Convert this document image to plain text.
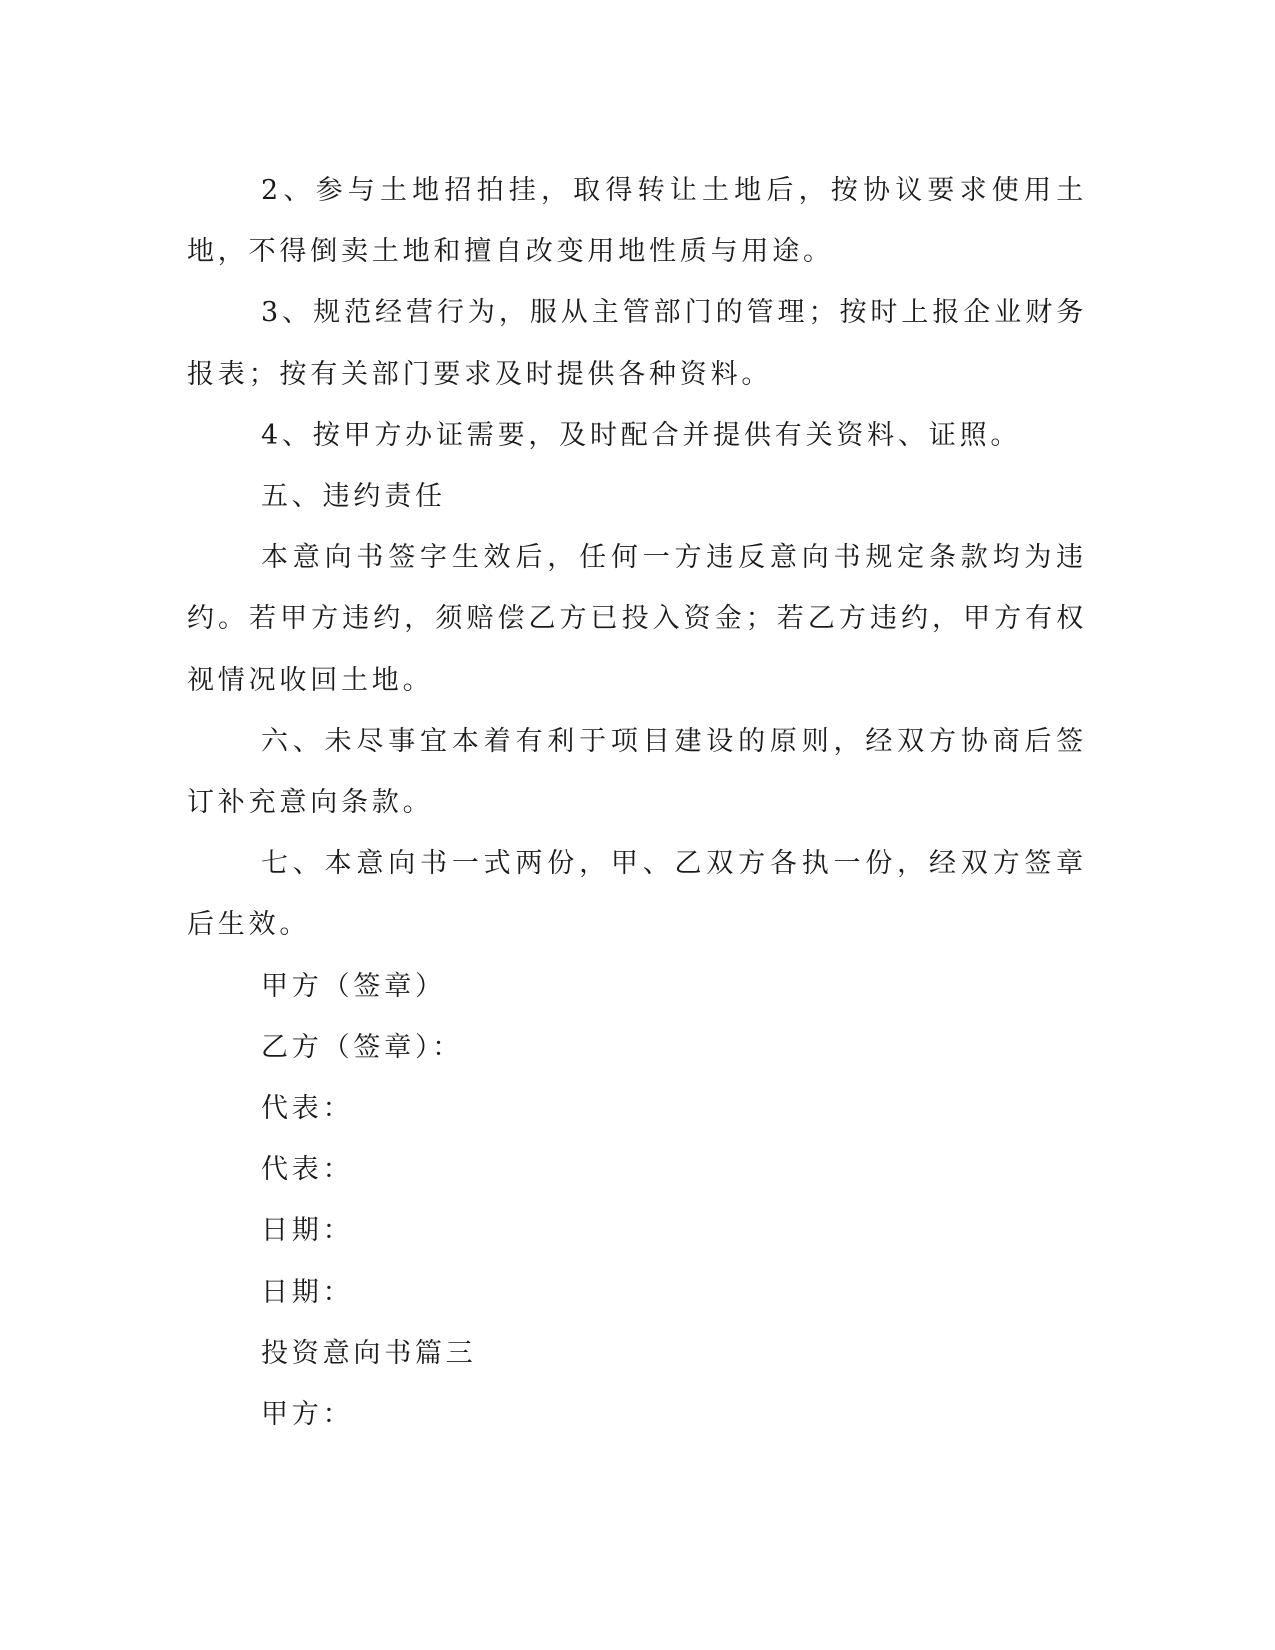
2、参与土地招拍挂，取得转让土地后，按协议要求使用土地，不得倒卖土地和擅自改变用地性质与用途。

3、规范经营行为，服从主管部门的管理；按时上报企业财务报表；按有关部门要求及时提供各种资料。

4、按甲方办证需要，及时配合并提供有关资料、证照。

五、违约责任

本意向书签字生效后，任何一方违反意向书规定条款均为违约。若甲方违约，须赔偿乙方已投入资金；若乙方违约，甲方有权视情况收回土地。

六、未尽事宜本着有利于项目建设的原则，经双方协商后签订补充意向条款。

七、本意向书一式两份，甲、乙双方各执一份，经双方签章后生效。

甲方（签章）

乙方（签章）：

代表：

代表：

日期：

日期：

投资意向书篇三

甲方：
